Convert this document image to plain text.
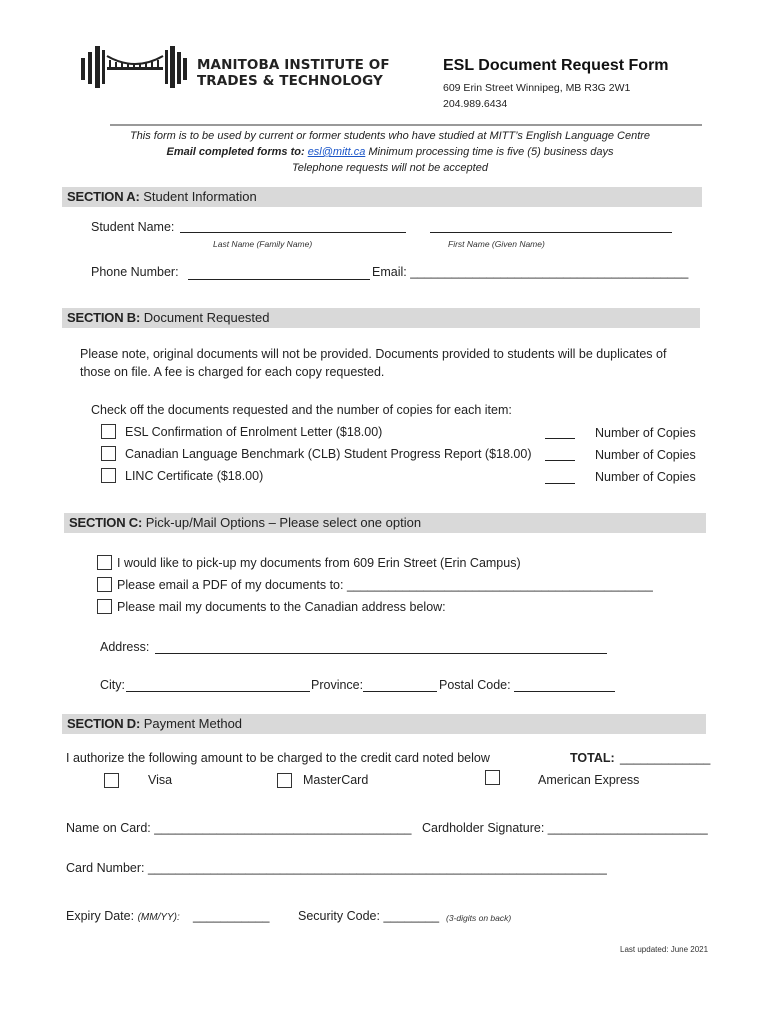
MANITOBA INSTITUTE OF
TRADES & TECHNOLOGY
ESL Document Request Form
609 Erin Street Winnipeg, MB R3G 2W1
204.989.6434
This form is to be used by current or former students who have studied at MITT’s English Language Centre
Email completed forms to: esl@mitt.ca Minimum processing time is five (5) business days
Telephone requests will not be accepted
SECTION A: Student Information
Student Name:
Last Name (Family Name)	First Name (Given Name)
Phone Number:	Email: ________________________________________
SECTION B: Document Requested
Please note, original documents will not be provided. Documents provided to students will be duplicates of
those on file. A fee is charged for each copy requested.
Check off the documents requested and the number of copies for each item:
ESL Confirmation of Enrolment Letter ($18.00)	Number of Copies
Canadian Language Benchmark (CLB) Student Progress Report ($18.00)	Number of Copies
LINC Certificate ($18.00)	Number of Copies
SECTION C: Pick-up/Mail Options – Please select one option
I would like to pick-up my documents from 609 Erin Street (Erin Campus)
Please email a PDF of my documents to: ____________________________________________
Please mail my documents to the Canadian address below:
Address:
City:	Province:	Postal Code:
SECTION D: Payment Method
I authorize the following amount to be charged to the credit card noted below	TOTAL: _____________
Visa	MasterCard	American Express
Name on Card: _____________________________________ Cardholder Signature: _______________________
Card Number: __________________________________________________________________
Expiry Date: (MM/YY): ___________ Security Code: ________ (3-digits on back)
Last updated: June 2021
